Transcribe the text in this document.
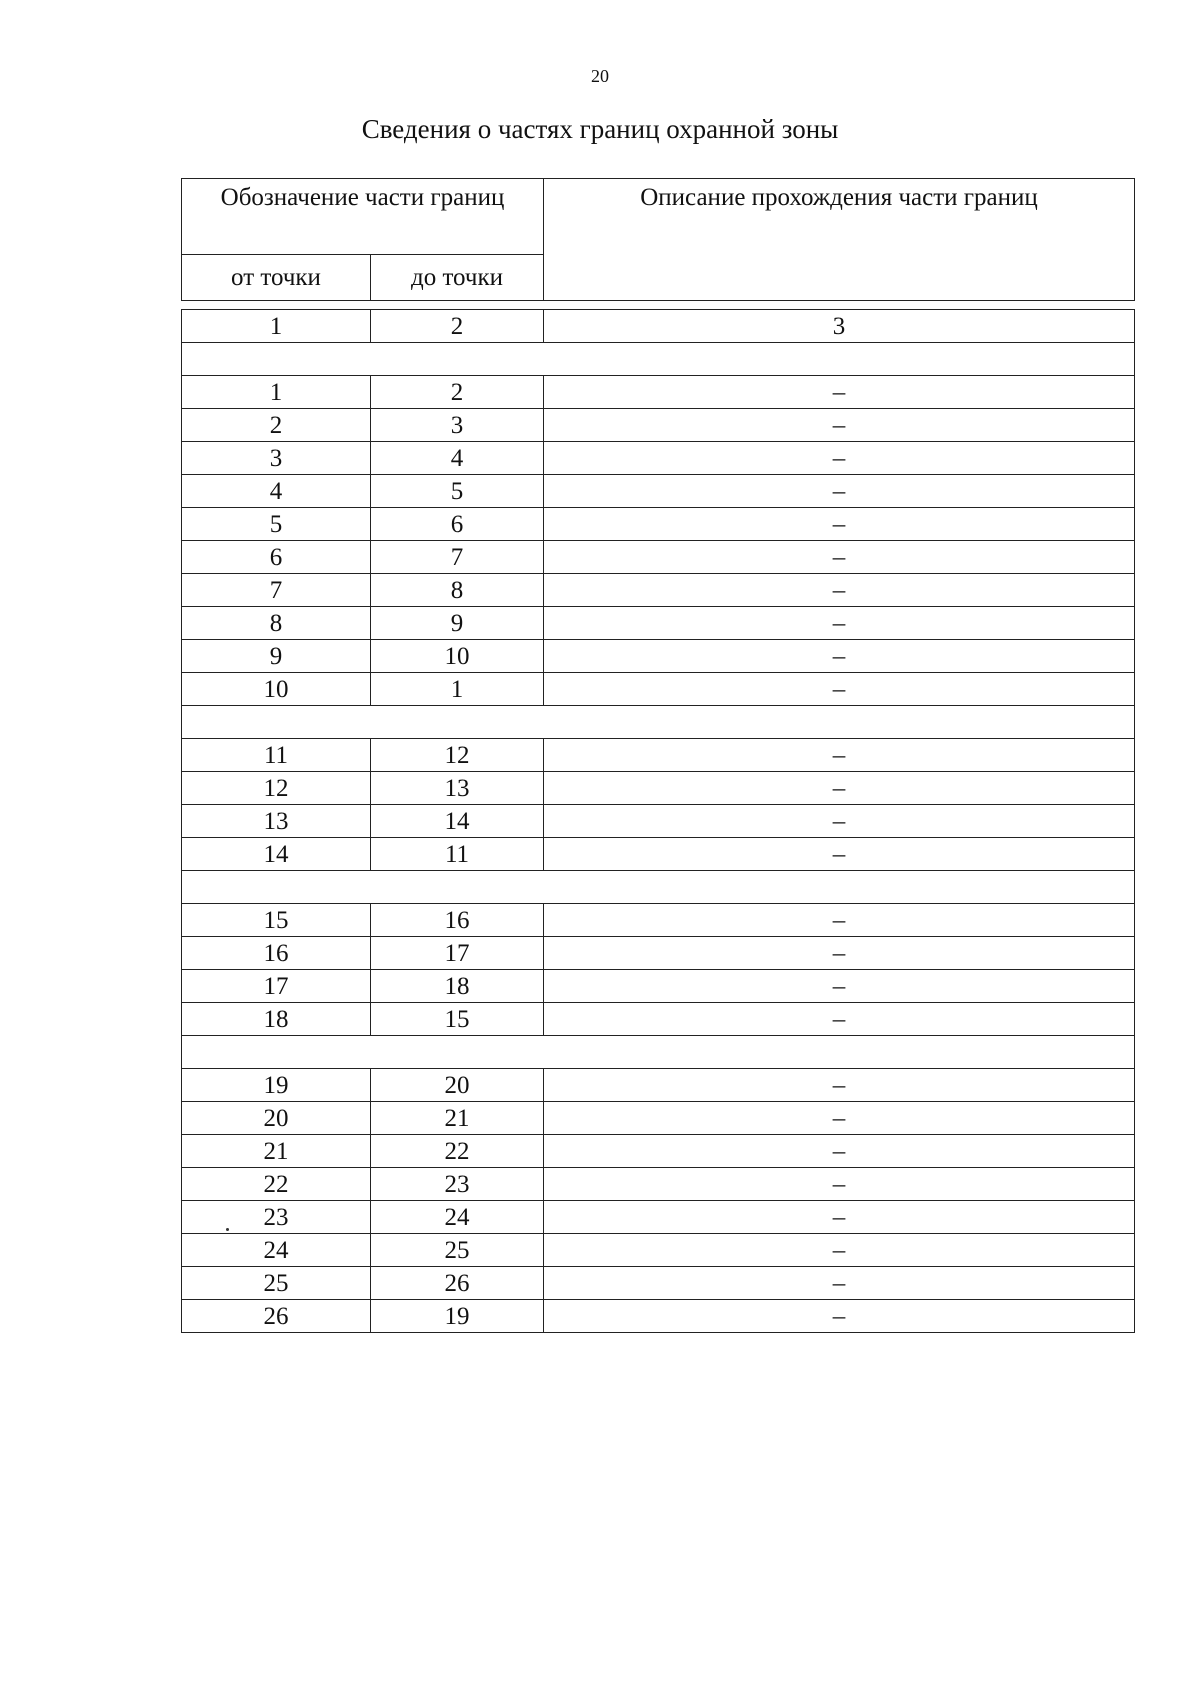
20
Сведения о частях границ охранной зоны
Обозначение части границ		Описание прохождения части границ
от точки	до точки	

1	2	3

1	2	–
2	3	–
3	4	–
4	5	–
5	6	–
6	7	–
7	8	–
8	9	–
9	10	–
10	1	–

11	12	–
12	13	–
13	14	–
14	11	–

15	16	–
16	17	–
17	18	–
18	15	–

19	20	–
20	21	–
21	22	–
22	23	–
23	24	–
24	25	–
25	26	–
26	19	–
